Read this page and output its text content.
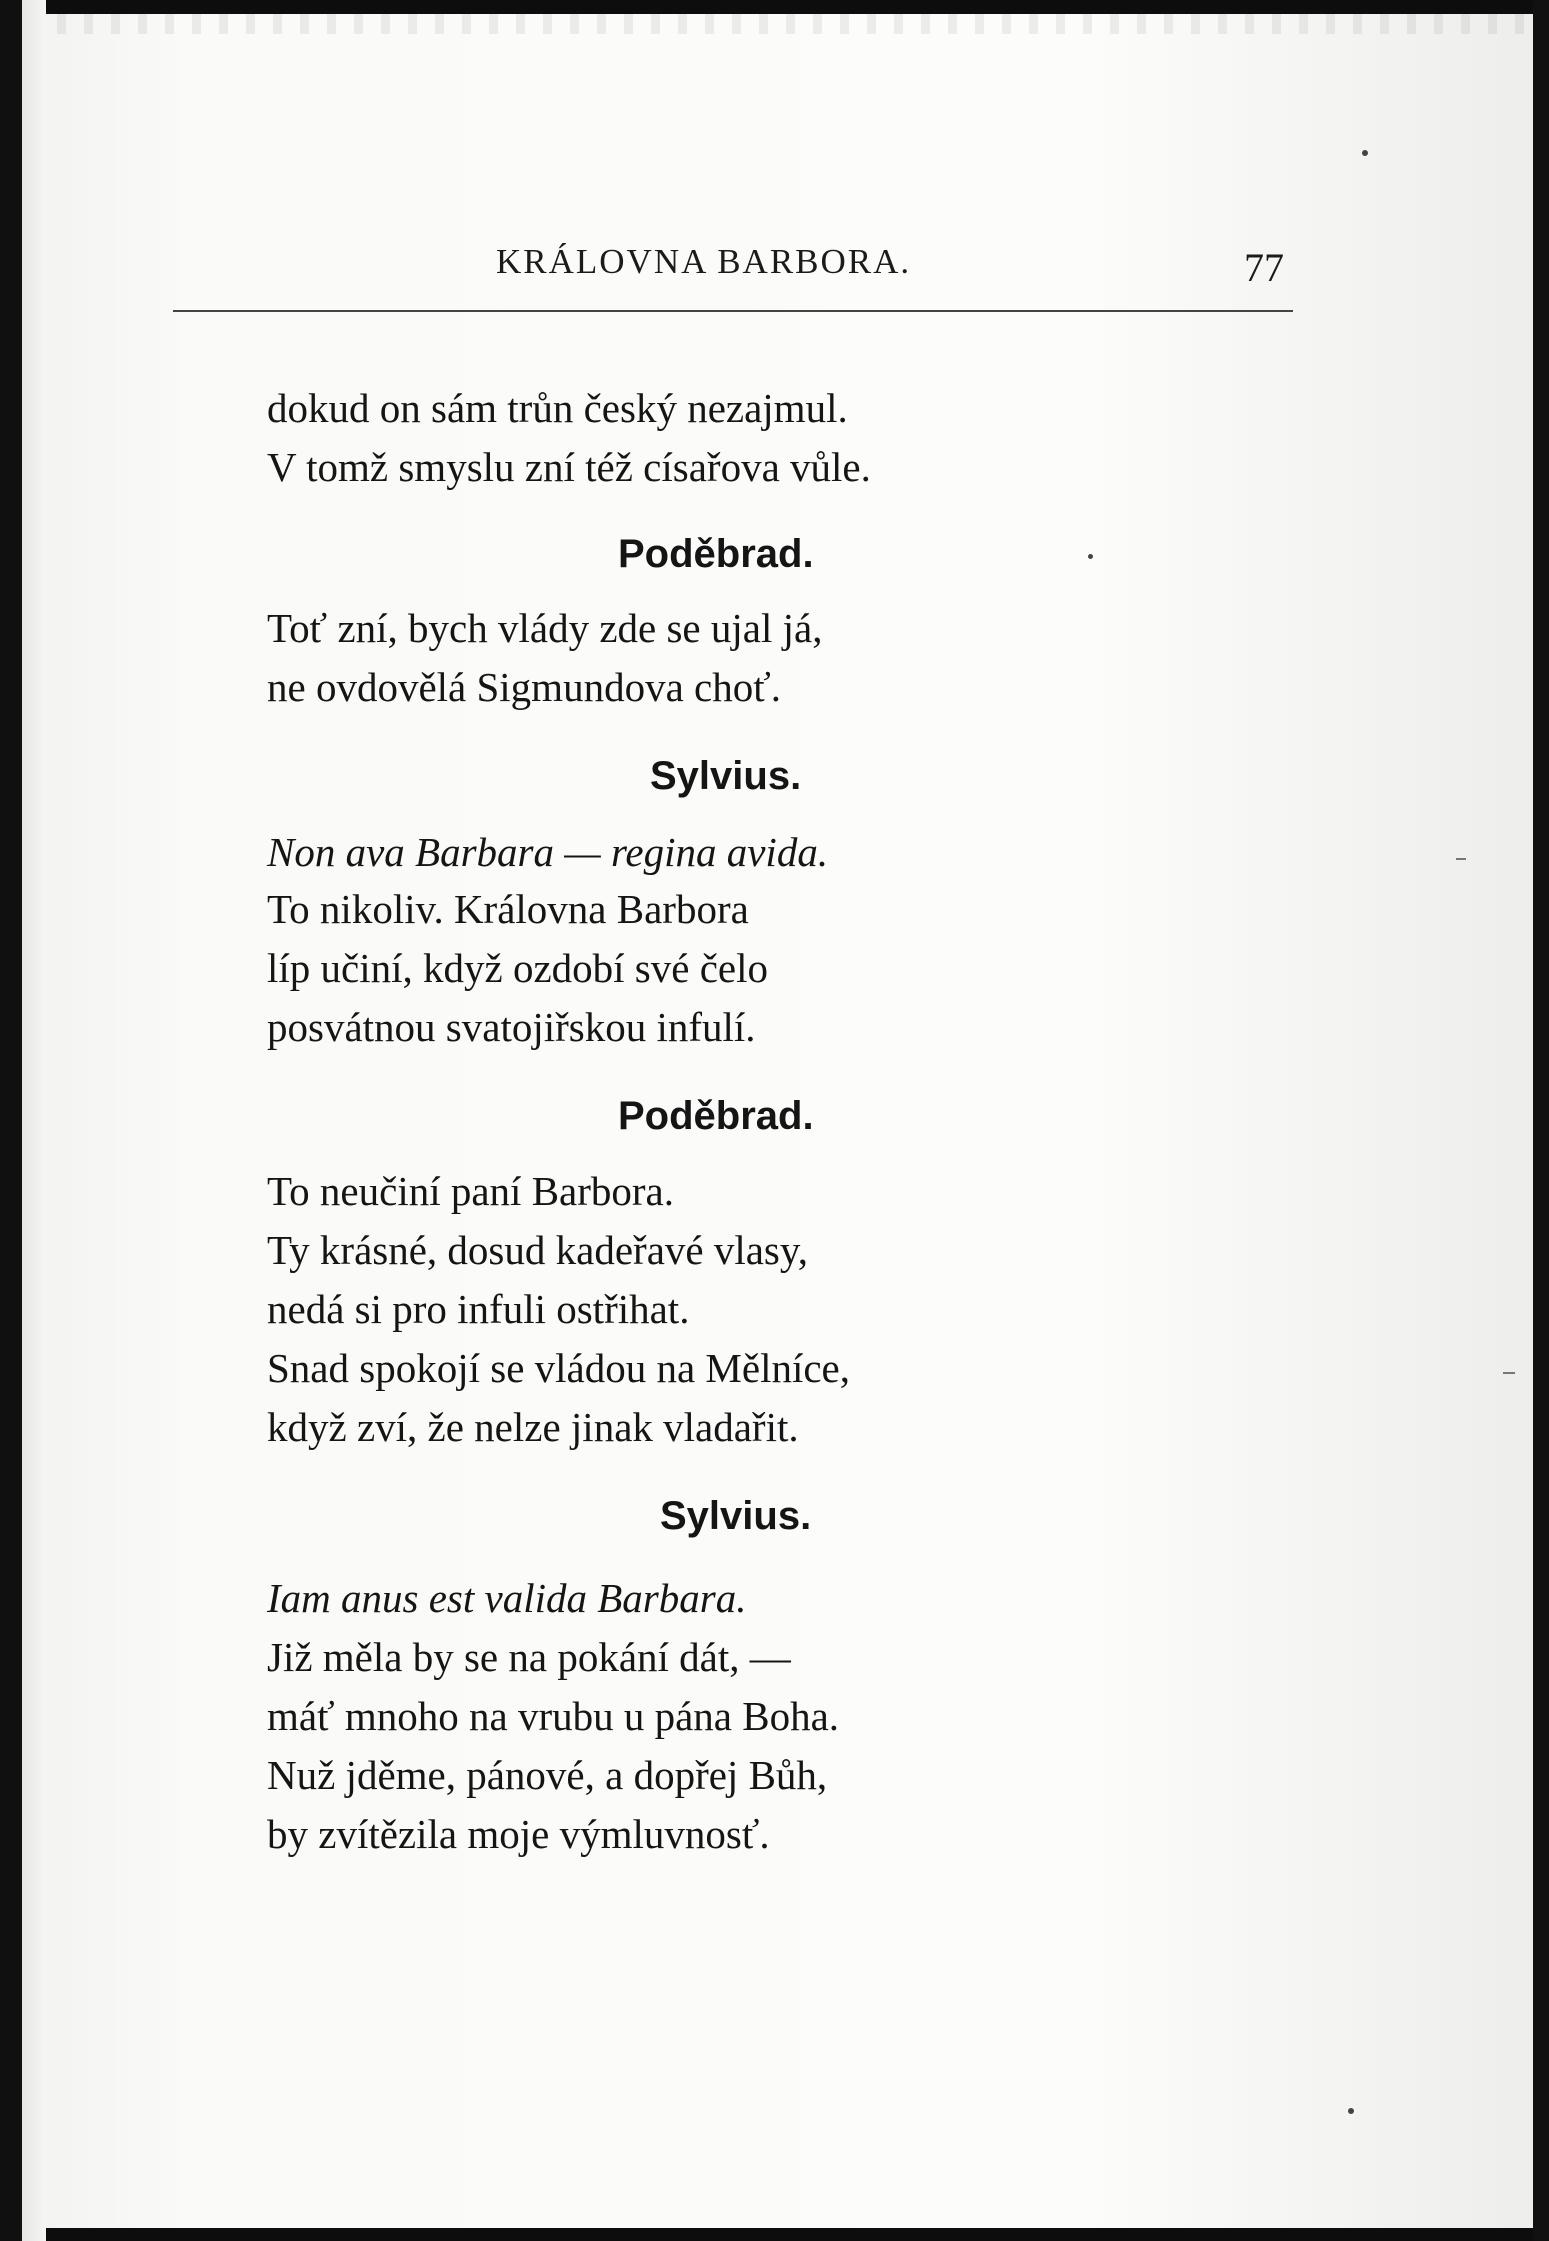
KRÁLOVNA BARBORA.	77
dokud on sám trůn český nezajmul.
V tomž smyslu zní též císařova vůle.
Poděbrad.
Toť zní, bych vlády zde se ujal já,
ne ovdovělá Sigmundova choť.
Sylvius.
Non ava Barbara — regina avida.
To nikoliv. Královna Barbora
líp učiní, když ozdobí své čelo
posvátnou svatojiřskou infulí.
Poděbrad.
To neučiní paní Barbora.
Ty krásné, dosud kadeřavé vlasy,
nedá si pro infuli ostřihat.
Snad spokojí se vládou na Mělníce,
když zví, že nelze jinak vladařit.
Sylvius.
Iam anus est valida Barbara.
Již měla by se na pokání dát, —
máť mnoho na vrubu u pána Boha.
Nuž jděme, pánové, a dopřej Bůh,
by zvítězila moje výmluvnosť.
